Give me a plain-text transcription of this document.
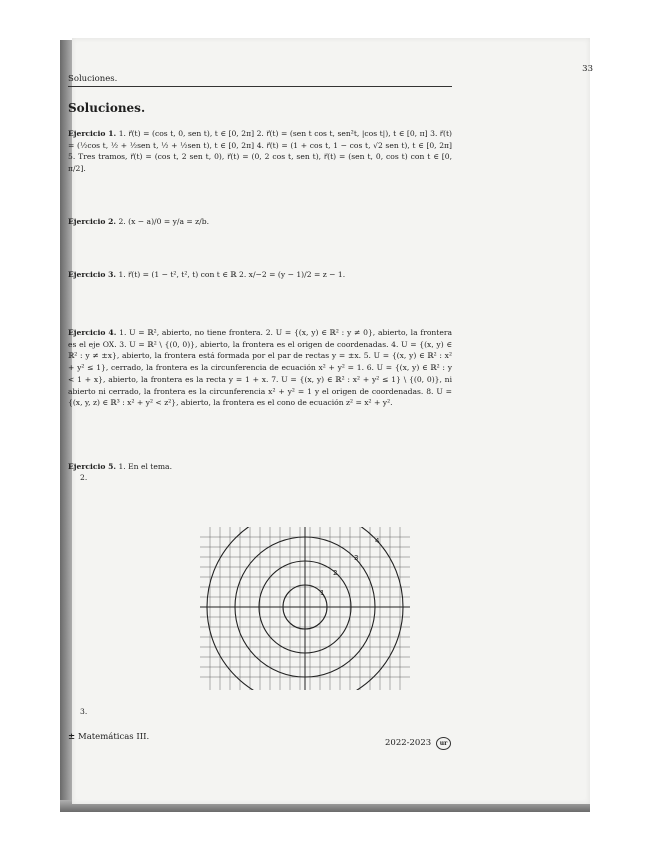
Soluciones.
33
Soluciones.
Ejercicio 1. 1. r⃗(t) = (cos t, 0, sen t), t ∈ [0, 2π] 2. r⃗(t) = (sen t cos t, sen²t, |cos t|), t ∈ [0, π] 3. r⃗(t) = (½cos t, ½ + ½sen t, ½ + ½sen t), t ∈ [0, 2π] 4. r⃗(t) = (1 + cos t, 1 − cos t, √2 sen t), t ∈ [0, 2π] 5. Tres tramos, r⃗(t) = (cos t, 2 sen t, 0), r⃗(t) = (0, 2 cos t, sen t), r⃗(t) = (sen t, 0, cos t) con t ∈ [0, π/2].
Ejercicio 2. 2. (x − a)/0 = y/a = z/b.
Ejercicio 3. 1. r⃗(t) = (1 − t², t², t) con t ∈ ℝ 2. x/−2 = (y − 1)/2 = z − 1.
Ejercicio 4. 1. U = ℝ², abierto, no tiene frontera. 2. U = {(x, y) ∈ ℝ² : y ≠ 0}, abierto, la frontera es el eje OX. 3. U = ℝ² \ {(0, 0)}, abierto, la frontera es el origen de coordenadas. 4. U = {(x, y) ∈ ℝ² : y ≠ ±x}, abierto, la frontera está formada por el par de rectas y = ±x. 5. U = {(x, y) ∈ ℝ² : x² + y² ≤ 1}, cerrado, la frontera es la circunferencia de ecuación x² + y² = 1. 6. U = {(x, y) ∈ ℝ² : y < 1 + x}, abierto, la frontera es la recta y = 1 + x. 7. U = {(x, y) ∈ ℝ² : x² + y² ≤ 1} \ {(0, 0)}, ni abierto ni cerrado, la frontera es la circunferencia x² + y² = 1 y el origen de coordenadas. 8. U = {(x, y, z) ∈ ℝ³ : x² + y² < z²}, abierto, la frontera es el cono de ecuación z² = x² + y².
Ejercicio 5. 1. En el tema.
2.
1
2
3
4
3.
± Matemáticas III.
2022-2023	ur
